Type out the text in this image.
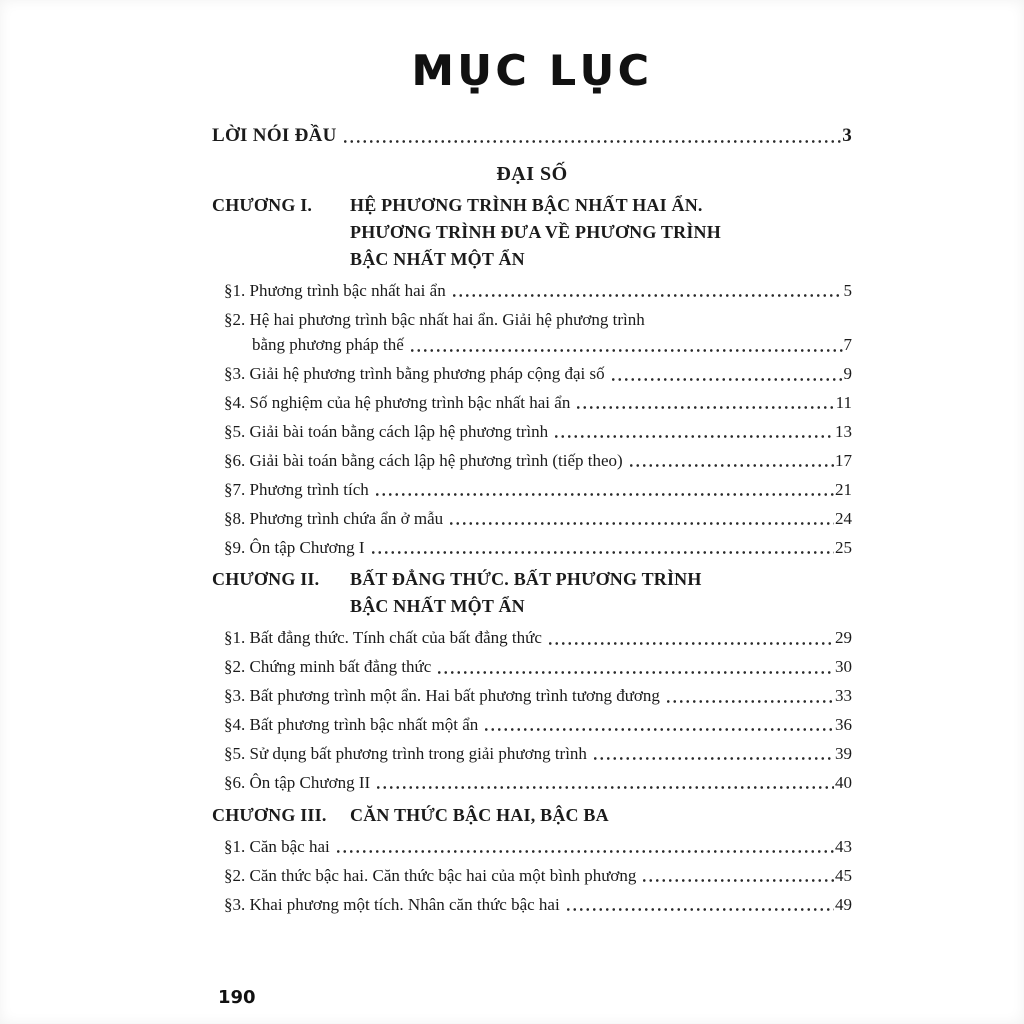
MỤC LỤC
LỜI NÓI ĐẦU	3
ĐẠI SỐ
CHƯƠNG I.	HỆ PHƯƠNG TRÌNH BẬC NHẤT HAI ẨN.
PHƯƠNG TRÌNH ĐƯA VỀ PHƯƠNG TRÌNH
BẬC NHẤT MỘT ẨN
§1. Phương trình bậc nhất hai ẩn	5
§2. Hệ hai phương trình bậc nhất hai ẩn. Giải hệ phương trình
bằng phương pháp thế	7
§3. Giải hệ phương trình bằng phương pháp cộng đại số	9
§4. Số nghiệm của hệ phương trình bậc nhất hai ẩn	11
§5. Giải bài toán bằng cách lập hệ phương trình	13
§6. Giải bài toán bằng cách lập hệ phương trình (tiếp theo)	17
§7. Phương trình tích	21
§8. Phương trình chứa ẩn ở mẫu	24
§9. Ôn tập Chương I	25
CHƯƠNG II.	BẤT ĐẲNG THỨC. BẤT PHƯƠNG TRÌNH
BẬC NHẤT MỘT ẨN
§1. Bất đẳng thức. Tính chất của bất đẳng thức	29
§2. Chứng minh bất đẳng thức	30
§3. Bất phương trình một ẩn. Hai bất phương trình tương đương	33
§4. Bất phương trình bậc nhất một ẩn	36
§5. Sử dụng bất phương trình trong giải phương trình	39
§6. Ôn tập Chương II	40
CHƯƠNG III.	CĂN THỨC BẬC HAI, BẬC BA
§1. Căn bậc hai	43
§2. Căn thức bậc hai. Căn thức bậc hai của một bình phương	45
§3. Khai phương một tích. Nhân căn thức bậc hai	49
190
